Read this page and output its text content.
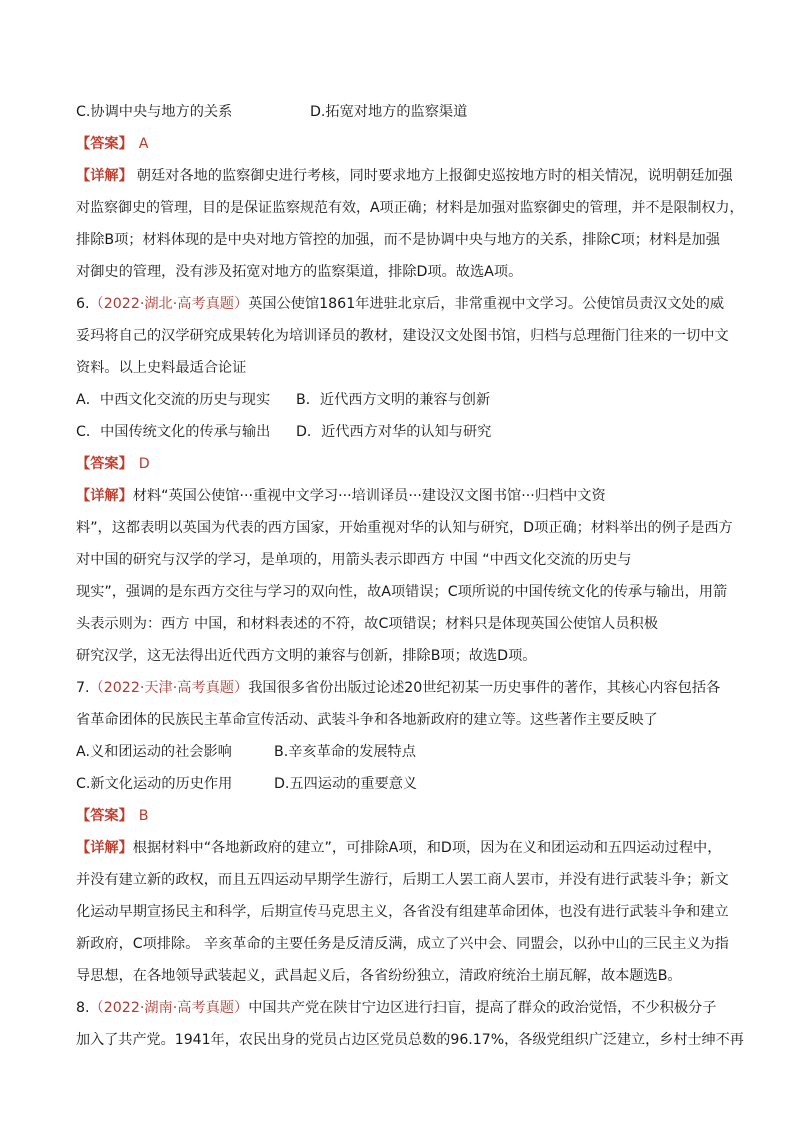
C.协调中央与地方的关系	D.拓宽对地方的监察渠道
【答案】 A
【详解】 朝廷对各地的监察御史进行考核，同时要求地方上报御史巡按地方时的相关情况，说明朝廷加强
对监察御史的管理，目的是保证监察规范有效，A项正确；材料是加强对监察御史的管理，并不是限制权力，
排除B项；材料体现的是中央对地方管控的加强，而不是协调中央与地方的关系，排除C项；材料是加强
对御史的管理，没有涉及拓宽对地方的监察渠道，排除D项。故选A项。
6.（2022·湖北·高考真题）英国公使馆1861年进驻北京后，非常重视中文学习。公使馆员责汉文处的威
妥玛将自己的汉学研究成果转化为培训译员的教材，建设汉文处图书馆，归档与总理衙门往来的一切中文
资料。以上史料最适合论证
A．中西文化交流的历史与现实 B．近代西方文明的兼容与创新
C．中国传统文化的传承与输出 D．近代西方对华的认知与研究
【答案】 D
【详解】材料“英国公使馆···重视中文学习···培训译员···建设汉文图书馆···归档中文资
料”，这都表明以英国为代表的西方国家，开始重视对华的认知与研究，D项正确；材料举出的例子是西方
对中国的研究与汉学的学习，是单项的，用箭头表示即西方 中国 “中西文化交流的历史与
现实”，强调的是东西方交往与学习的双向性，故A项错误；C项所说的中国传统文化的传承与输出，用箭
头表示则为：西方 中国，和材料表述的不符，故C项错误；材料只是体现英国公使馆人员积极
研究汉学，这无法得出近代西方文明的兼容与创新，排除B项；故选D项。
7.（2022·天津·高考真题）我国很多省份出版过论述20世纪初某一历史事件的著作，其核心内容包括各
省革命团体的民族民主革命宣传活动、武装斗争和各地新政府的建立等。这些著作主要反映了
A.义和团运动的社会影响	B.辛亥革命的发展特点
C.新文化运动的历史作用	D.五四运动的重要意义
【答案】 B
【详解】根据材料中“各地新政府的建立”，可排除A项，和D项，因为在义和团运动和五四运动过程中，
并没有建立新的政权，而且五四运动早期学生游行，后期工人罢工商人罢市，并没有进行武装斗争；新文
化运动早期宣扬民主和科学，后期宣传马克思主义，各省没有组建革命团体，也没有进行武装斗争和建立
新政府，C项排除。 辛亥革命的主要任务是反清反满，成立了兴中会、同盟会，以孙中山的三民主义为指
导思想，在各地领导武装起义，武昌起义后，各省纷纷独立，清政府统治土崩瓦解，故本题选B。
8.（2022·湖南·高考真题）中国共产党在陕甘宁边区进行扫盲，提高了群众的政治觉悟，不少积极分子
加入了共产党。1941年，农民出身的党员占边区党员总数的96.17%，各级党组织广泛建立，乡村士绅不再
